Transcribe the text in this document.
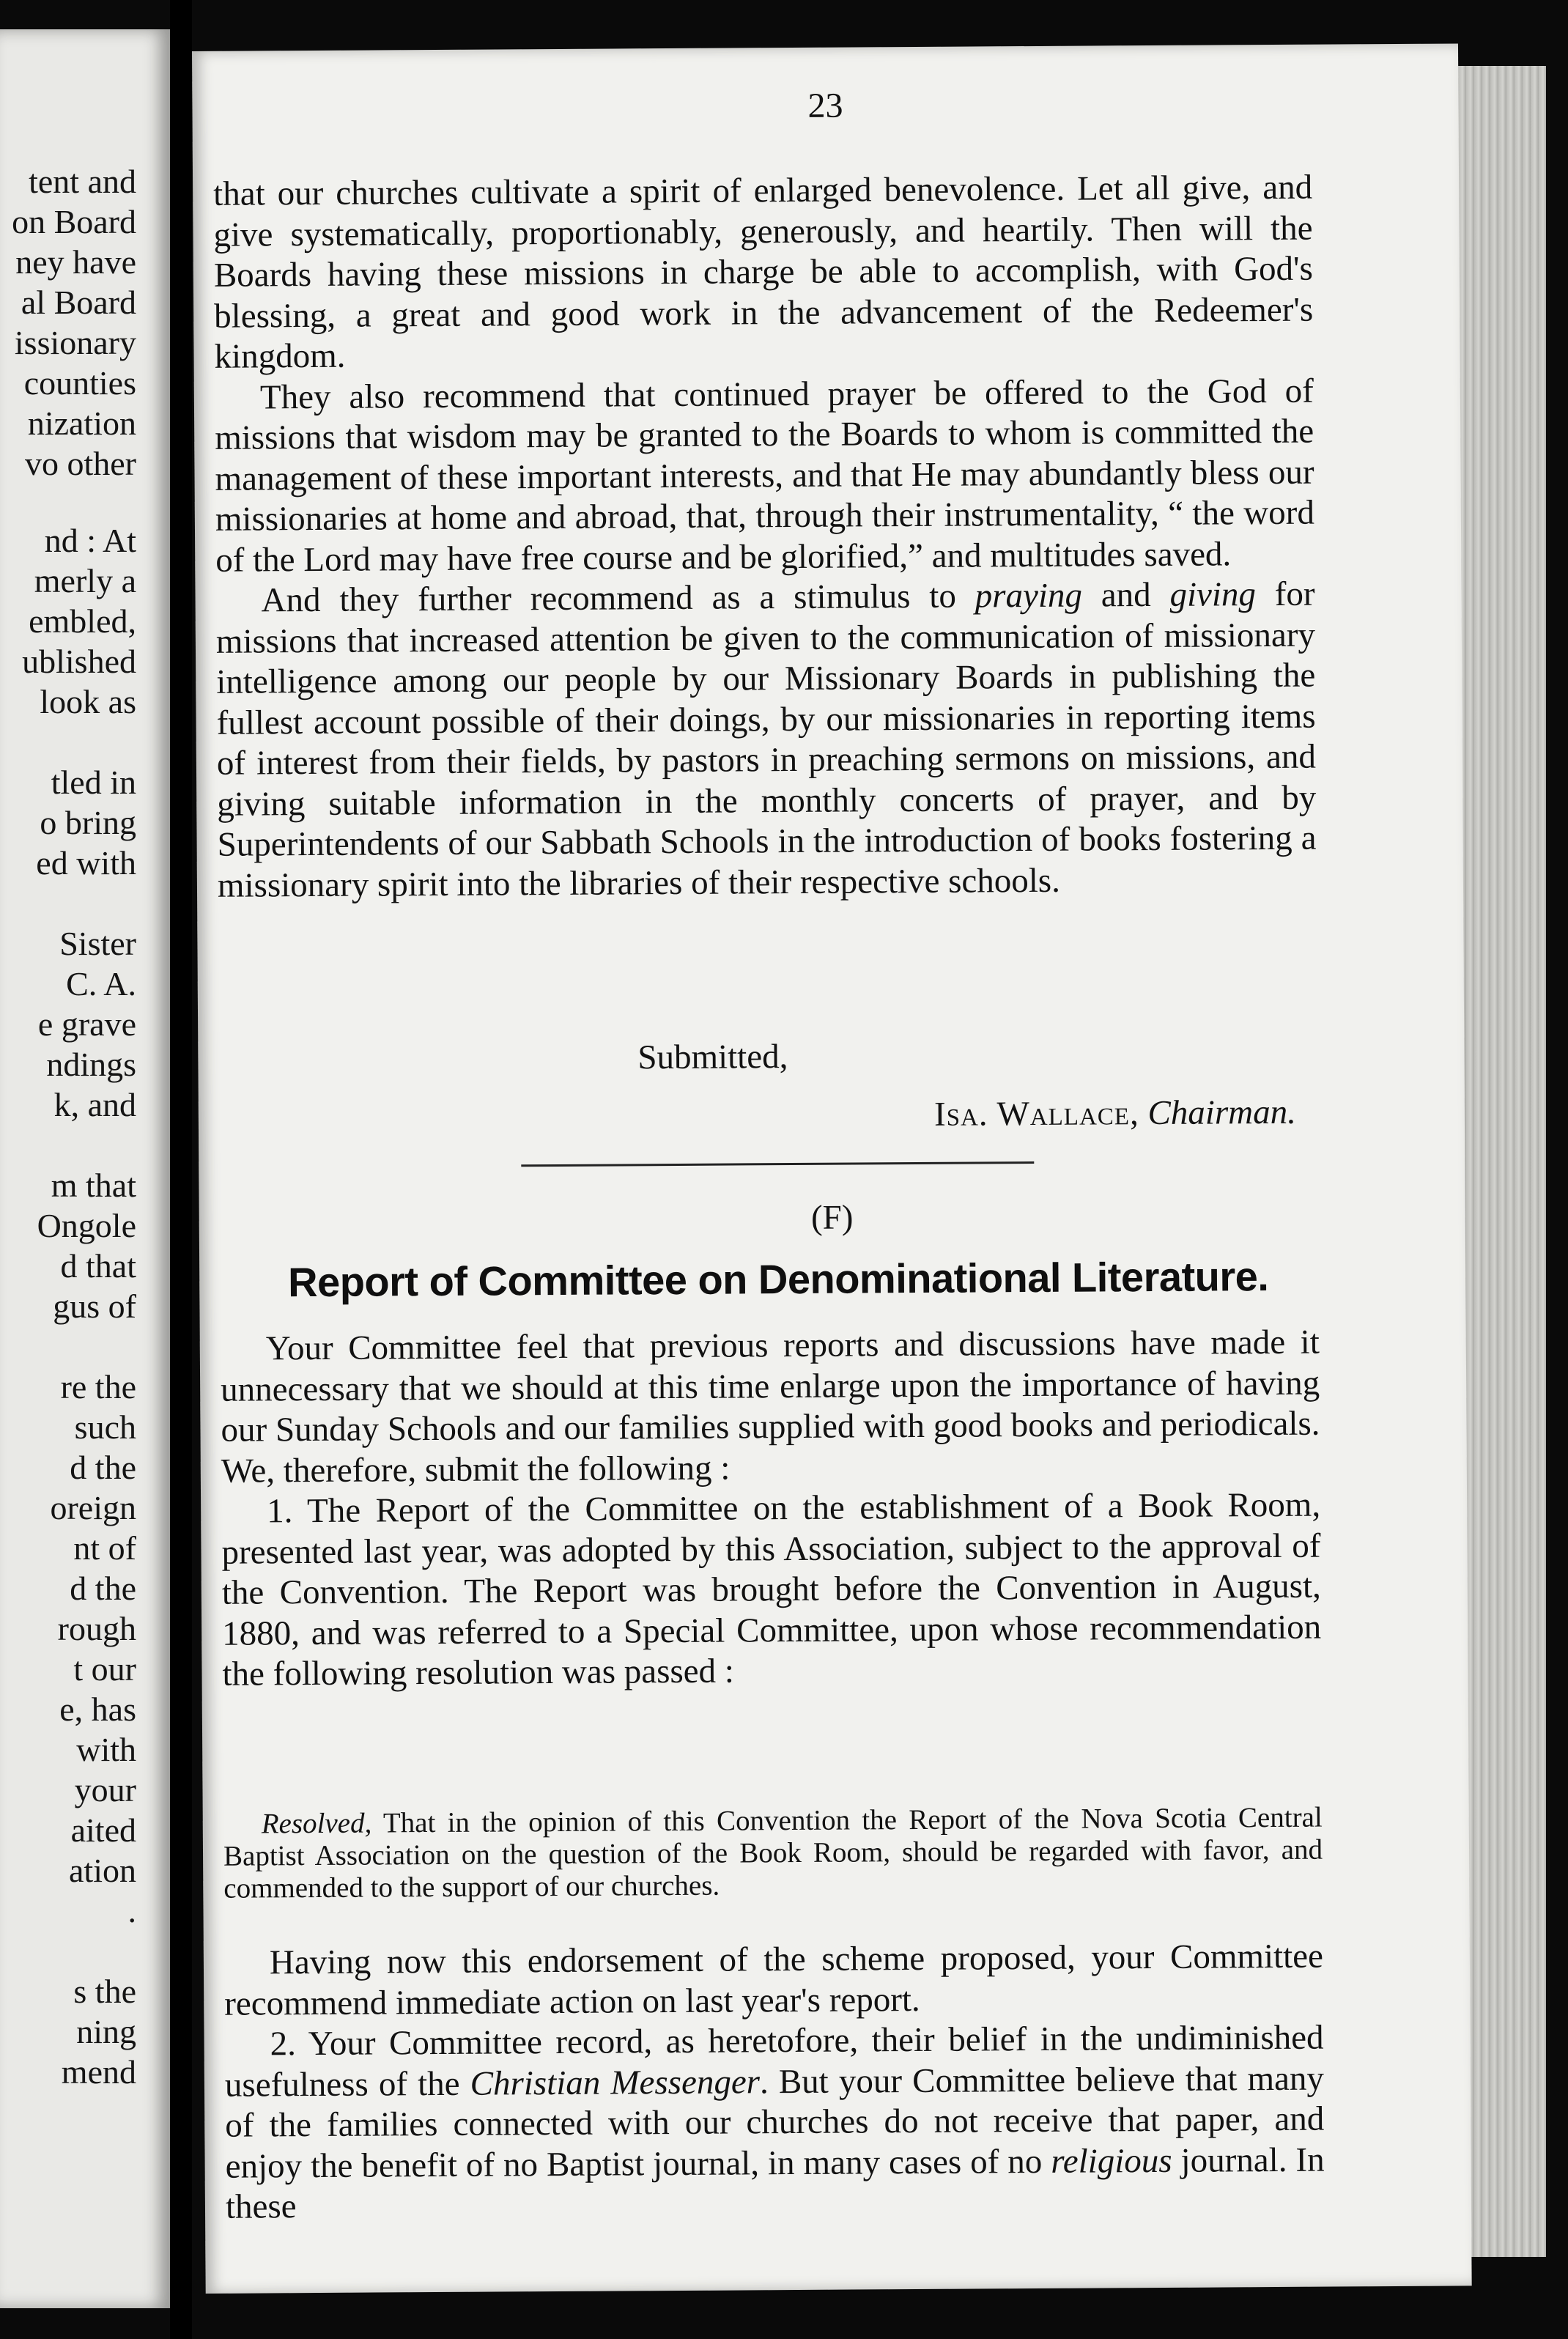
tent and
on Board
ney have
al Board
issionary
counties
nization
vo other
nd : At
merly a
embled,
ublished
look as
tled in
o bring
ed with
Sister
C. A.
e grave
ndings
k, and
m that
Ongole
d that
gus of
re the
such
d the
oreign
nt of
d the
rough
t our
e, has
with
your
aited
ation
.
s the
ning
mend
23

that our churches cultivate a spirit of enlarged benevolence. Let all give, and give systematically, proportionably, generously, and heartily. Then will the Boards having these missions in charge be able to accomplish, with God's blessing, a great and good work in the advancement of the Redeemer's kingdom.

They also recommend that continued prayer be offered to the God of missions that wisdom may be granted to the Boards to whom is committed the management of these important interests, and that He may abundantly bless our missionaries at home and abroad, that, through their instrumentality, “ the word of the Lord may have free course and be glorified,” and multitudes saved.

And they further recommend as a stimulus to praying and giving for missions that increased attention be given to the communication of missionary intelligence among our people by our Missionary Boards in publishing the fullest account possible of their doings, by our missionaries in reporting items of interest from their fields, by pastors in preaching sermons on missions, and giving suitable information in the monthly concerts of prayer, and by Superintendents of our Sabbath Schools in the introduction of books fostering a missionary spirit into the libraries of their respective schools.

Submitted,
Isa. Wallace, Chairman.
(F)
Report of Committee on Denominational Literature.

Your Committee feel that previous reports and discussions have made it unnecessary that we should at this time enlarge upon the importance of having our Sunday Schools and our families supplied with good books and periodicals. We, therefore, submit the following :

1. The Report of the Committee on the establishment of a Book Room, presented last year, was adopted by this Association, subject to the approval of the Convention. The Report was brought before the Convention in August, 1880, and was referred to a Special Committee, upon whose recommendation the following resolution was passed :

Resolved, That in the opinion of this Convention the Report of the Nova Scotia Central Baptist Association on the question of the Book Room, should be regarded with favor, and commended to the support of our churches.

Having now this endorsement of the scheme proposed, your Committee recommend immediate action on last year's report.

2. Your Committee record, as heretofore, their belief in the undiminished usefulness of the Christian Messenger. But your Committee believe that many of the families connected with our churches do not receive that paper, and enjoy the benefit of no Baptist journal, in many cases of no religious journal. In these
